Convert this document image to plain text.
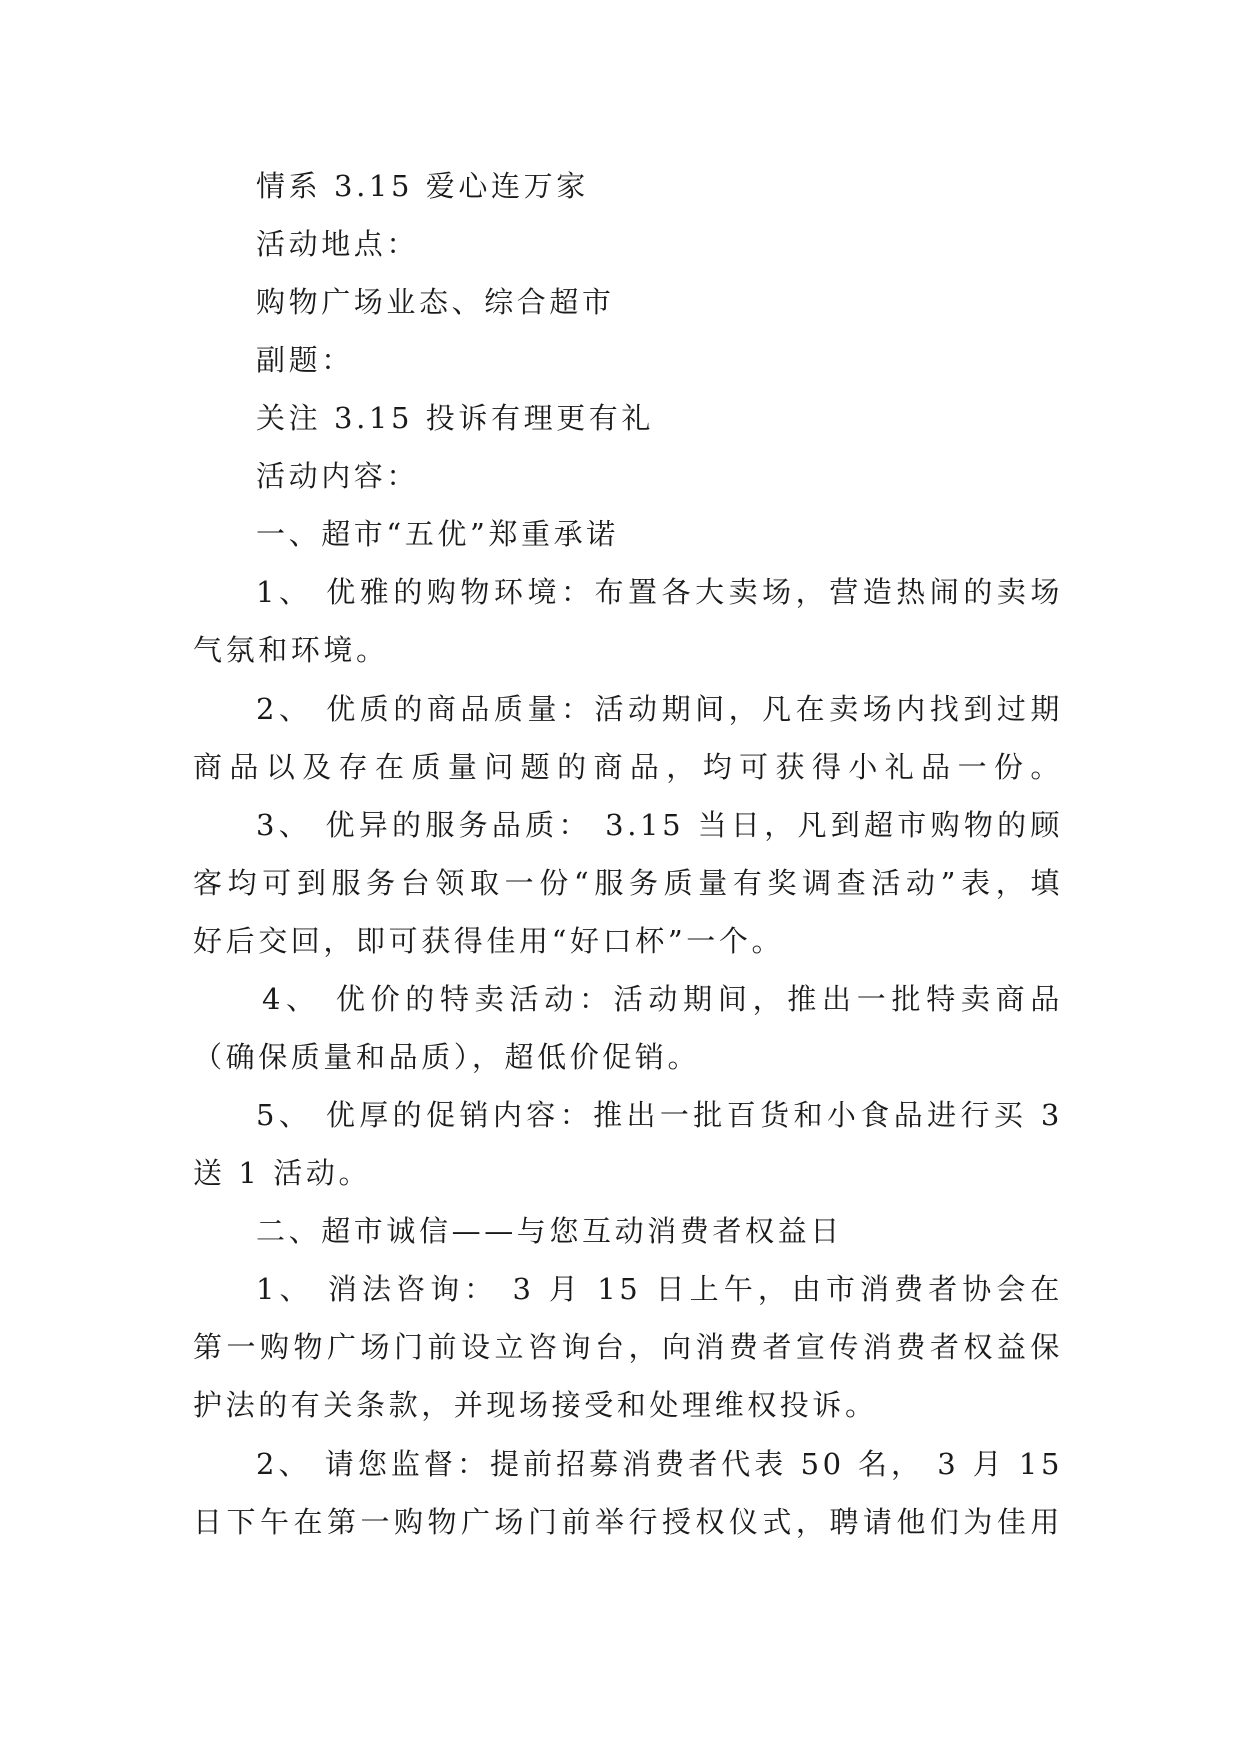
情系 3.15 爱心连万家
活动地点：
购物广场业态、综合超市
副题：
关注 3.15 投诉有理更有礼
活动内容：
一、超市“五优”郑重承诺
1、 优雅的购物环境：布置各大卖场，营造热闹的卖场
气氛和环境。
2、 优质的商品质量：活动期间，凡在卖场内找到过期
商品以及存在质量问题的商品，均可获得小礼品一份。
3、 优异的服务品质： 3.15 当日，凡到超市购物的顾
客均可到服务台领取一份“服务质量有奖调查活动”表，填
好后交回，即可获得佳用“好口杯”一个。
4、 优价的特卖活动：活动期间，推出一批特卖商品
（确保质量和品质），超低价促销。
5、 优厚的促销内容：推出一批百货和小食品进行买 3
送 1 活动。
二、超市诚信——与您互动消费者权益日
1、 消法咨询： 3 月 15 日上午，由市消费者协会在
第一购物广场门前设立咨询台，向消费者宣传消费者权益保
护法的有关条款，并现场接受和处理维权投诉。
2、 请您监督：提前招募消费者代表 50 名， 3 月 15
日下午在第一购物广场门前举行授权仪式，聘请他们为佳用
